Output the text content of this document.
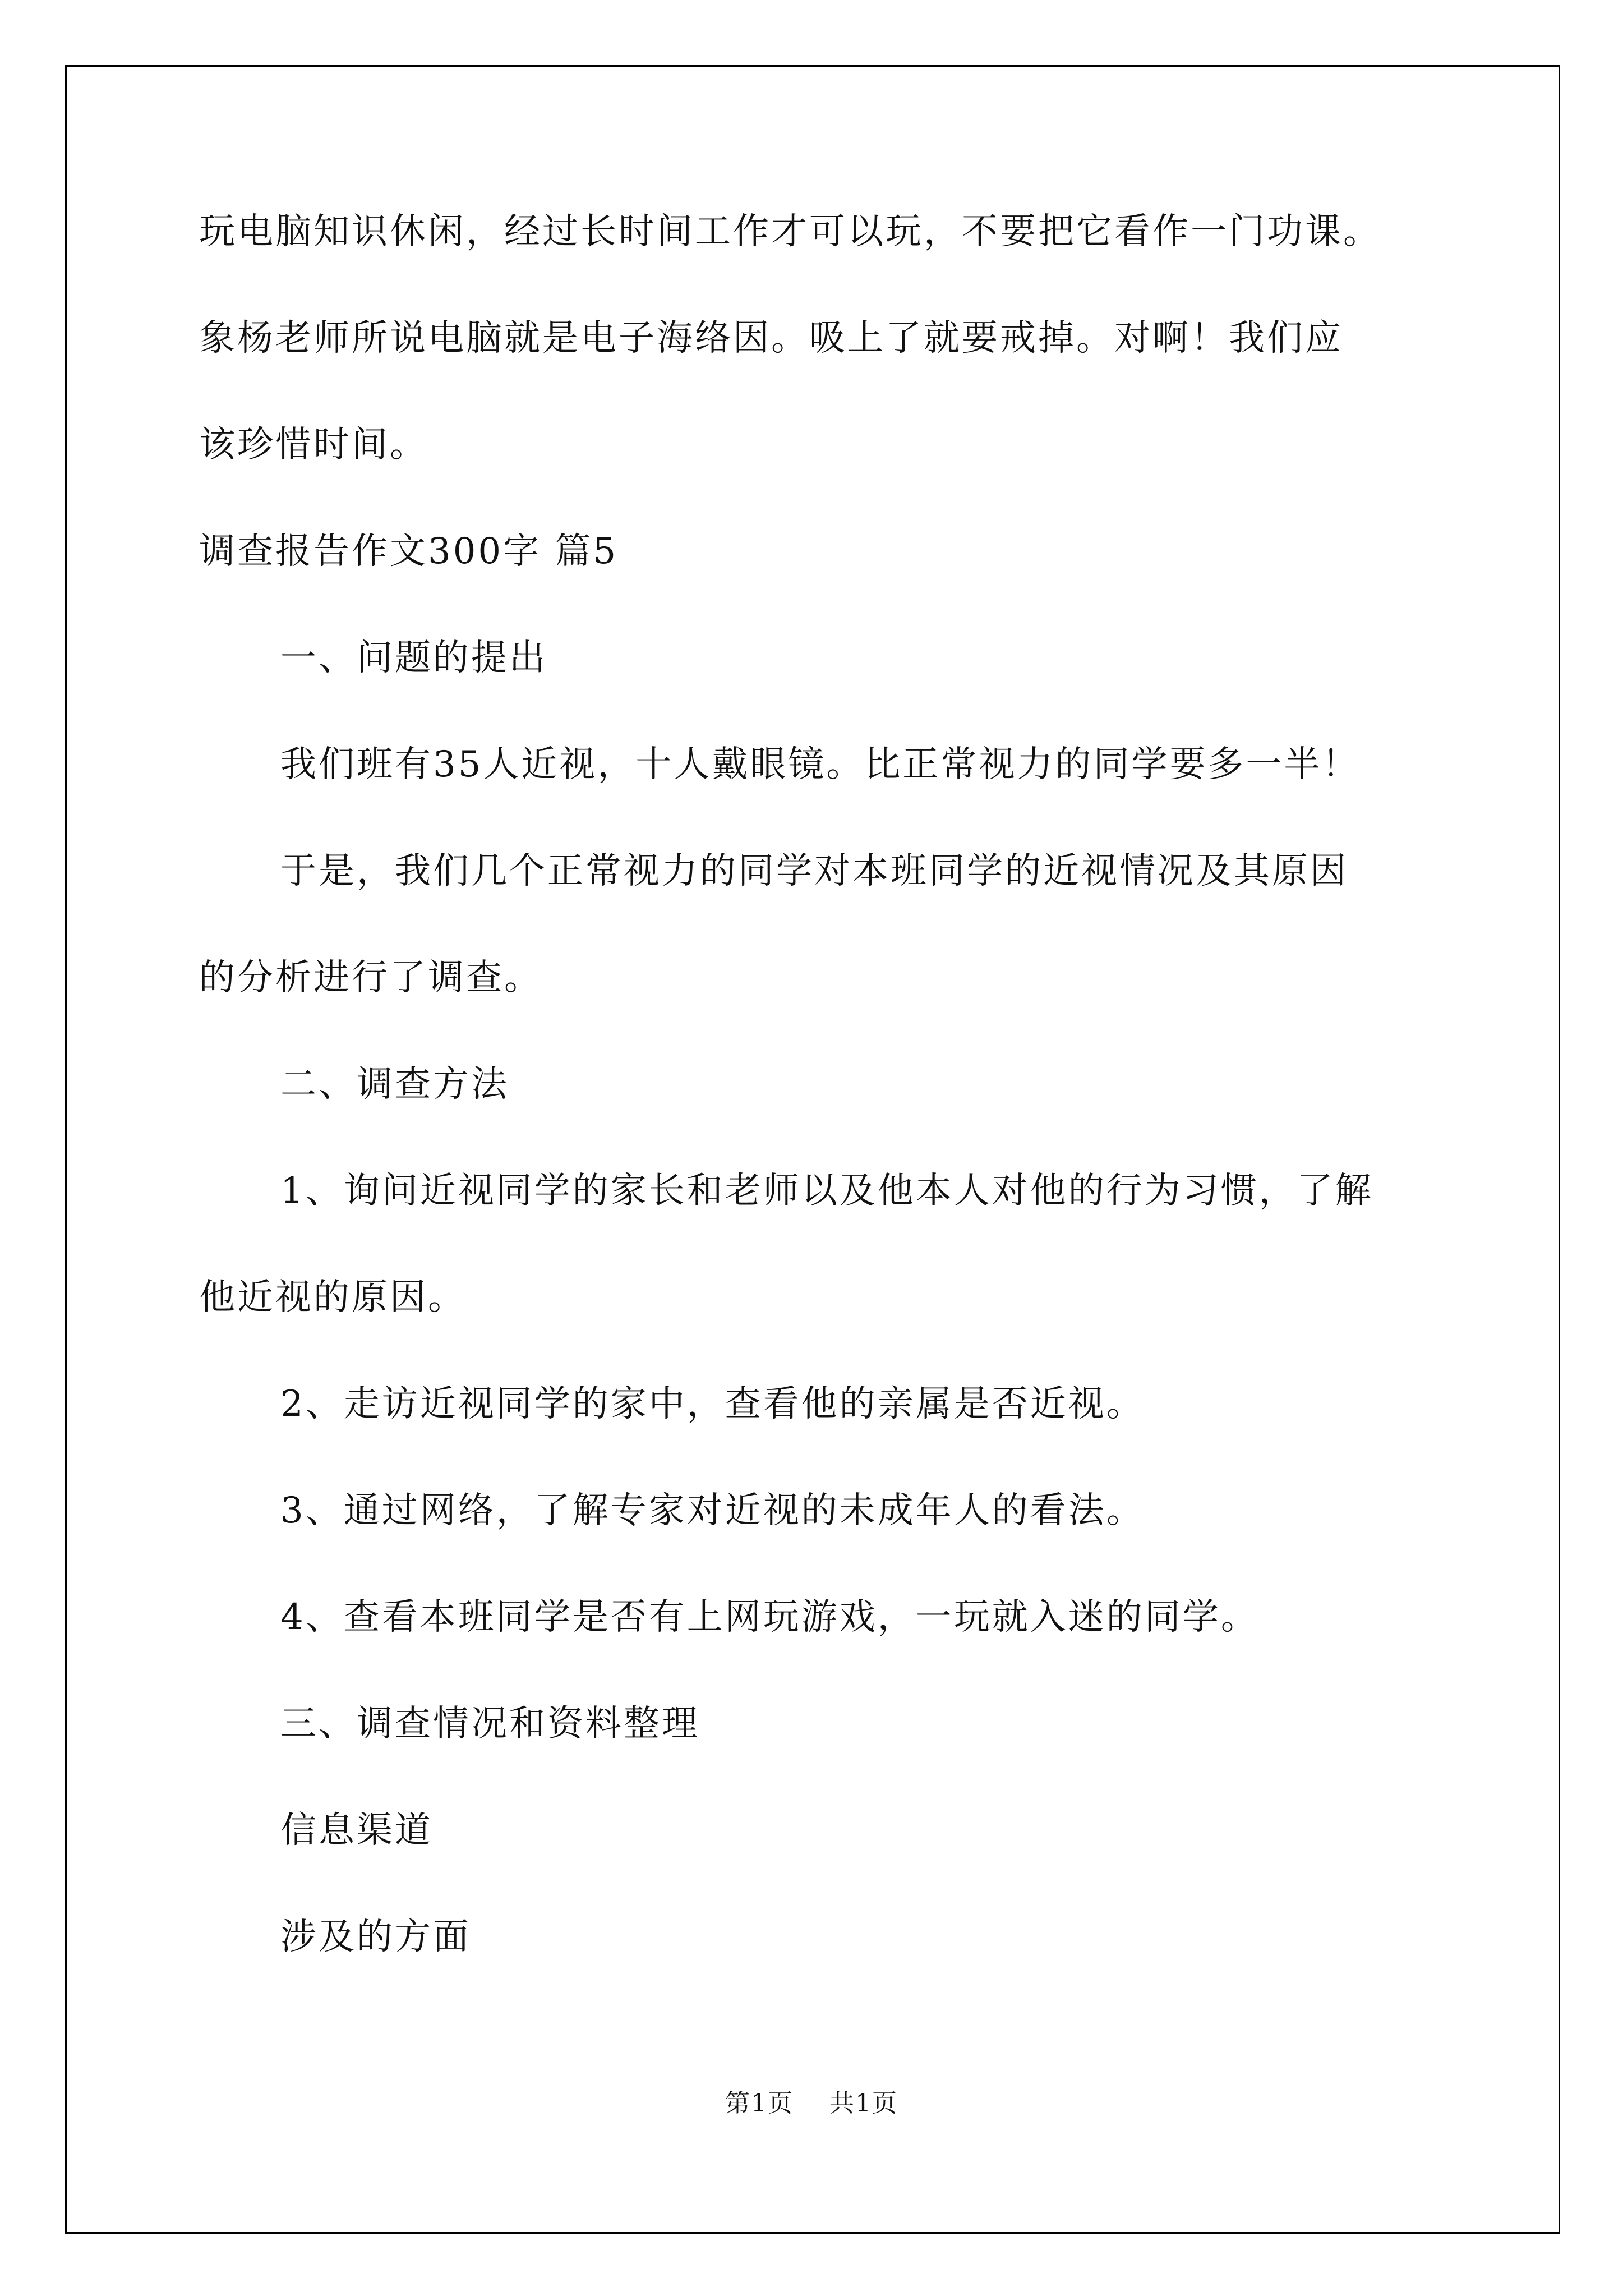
玩电脑知识休闲，经过长时间工作才可以玩，不要把它看作一门功课。
象杨老师所说电脑就是电子海络因。吸上了就要戒掉。对啊！我们应
该珍惜时间。
调查报告作文300字 篇5
一、问题的提出
我们班有35人近视，十人戴眼镜。比正常视力的同学要多一半！
于是，我们几个正常视力的同学对本班同学的近视情况及其原因
的分析进行了调查。
二、调查方法
1、询问近视同学的家长和老师以及他本人对他的行为习惯，了解
他近视的原因。
2、走访近视同学的家中，查看他的亲属是否近视。
3、通过网络，了解专家对近视的未成年人的看法。
4、查看本班同学是否有上网玩游戏，一玩就入迷的同学。
三、调查情况和资料整理
信息渠道
涉及的方面
第1页 共1页
